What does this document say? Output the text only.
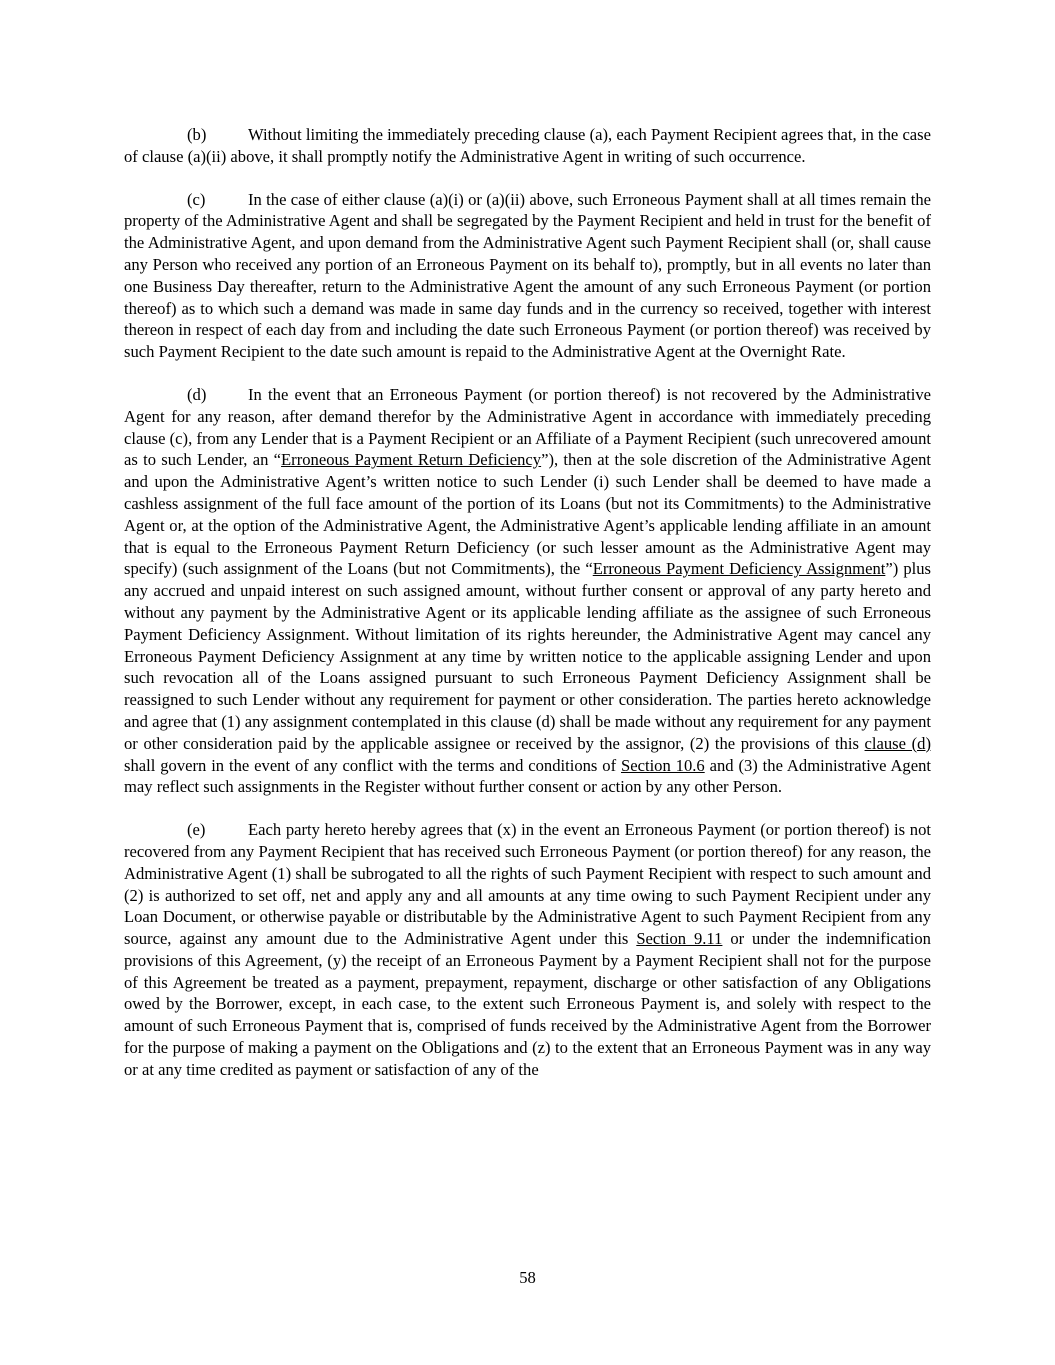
(b)	Without limiting the immediately preceding clause (a), each Payment Recipient agrees that, in the case of clause (a)(ii) above, it shall promptly notify the Administrative Agent in writing of such occurrence.

(c)	In the case of either clause (a)(i) or (a)(ii) above, such Erroneous Payment shall at all times remain the property of the Administrative Agent and shall be segregated by the Payment Recipient and held in trust for the benefit of the Administrative Agent, and upon demand from the Administrative Agent such Payment Recipient shall (or, shall cause any Person who received any portion of an Erroneous Payment on its behalf to), promptly, but in all events no later than one Business Day thereafter, return to the Administrative Agent the amount of any such Erroneous Payment (or portion thereof) as to which such a demand was made in same day funds and in the currency so received, together with interest thereon in respect of each day from and including the date such Erroneous Payment (or portion thereof) was received by such Payment Recipient to the date such amount is repaid to the Administrative Agent at the Overnight Rate.

(d)	In the event that an Erroneous Payment (or portion thereof) is not recovered by the Administrative Agent for any reason, after demand therefor by the Administrative Agent in accordance with immediately preceding clause (c), from any Lender that is a Payment Recipient or an Affiliate of a Payment Recipient (such unrecovered amount as to such Lender, an “Erroneous Payment Return Deficiency”), then at the sole discretion of the Administrative Agent and upon the Administrative Agent’s written notice to such Lender (i) such Lender shall be deemed to have made a cashless assignment of the full face amount of the portion of its Loans (but not its Commitments) to the Administrative Agent or, at the option of the Administrative Agent, the Administrative Agent’s applicable lending affiliate in an amount that is equal to the Erroneous Payment Return Deficiency (or such lesser amount as the Administrative Agent may specify) (such assignment of the Loans (but not Commitments), the “Erroneous Payment Deficiency Assignment”) plus any accrued and unpaid interest on such assigned amount, without further consent or approval of any party hereto and without any payment by the Administrative Agent or its applicable lending affiliate as the assignee of such Erroneous Payment Deficiency Assignment. Without limitation of its rights hereunder, the Administrative Agent may cancel any Erroneous Payment Deficiency Assignment at any time by written notice to the applicable assigning Lender and upon such revocation all of the Loans assigned pursuant to such Erroneous Payment Deficiency Assignment shall be reassigned to such Lender without any requirement for payment or other consideration. The parties hereto acknowledge and agree that (1) any assignment contemplated in this clause (d) shall be made without any requirement for any payment or other consideration paid by the applicable assignee or received by the assignor, (2) the provisions of this clause (d) shall govern in the event of any conflict with the terms and conditions of Section 10.6 and (3) the Administrative Agent may reflect such assignments in the Register without further consent or action by any other Person.

(e)	Each party hereto hereby agrees that (x) in the event an Erroneous Payment (or portion thereof) is not recovered from any Payment Recipient that has received such Erroneous Payment (or portion thereof) for any reason, the Administrative Agent (1) shall be subrogated to all the rights of such Payment Recipient with respect to such amount and (2) is authorized to set off, net and apply any and all amounts at any time owing to such Payment Recipient under any Loan Document, or otherwise payable or distributable by the Administrative Agent to such Payment Recipient from any source, against any amount due to the Administrative Agent under this Section 9.11 or under the indemnification provisions of this Agreement, (y) the receipt of an Erroneous Payment by a Payment Recipient shall not for the purpose of this Agreement be treated as a payment, prepayment, repayment, discharge or other satisfaction of any Obligations owed by the Borrower, except, in each case, to the extent such Erroneous Payment is, and solely with respect to the amount of such Erroneous Payment that is, comprised of funds received by the Administrative Agent from the Borrower for the purpose of making a payment on the Obligations and (z) to the extent that an Erroneous Payment was in any way or at any time credited as payment or satisfaction of any of the

58
